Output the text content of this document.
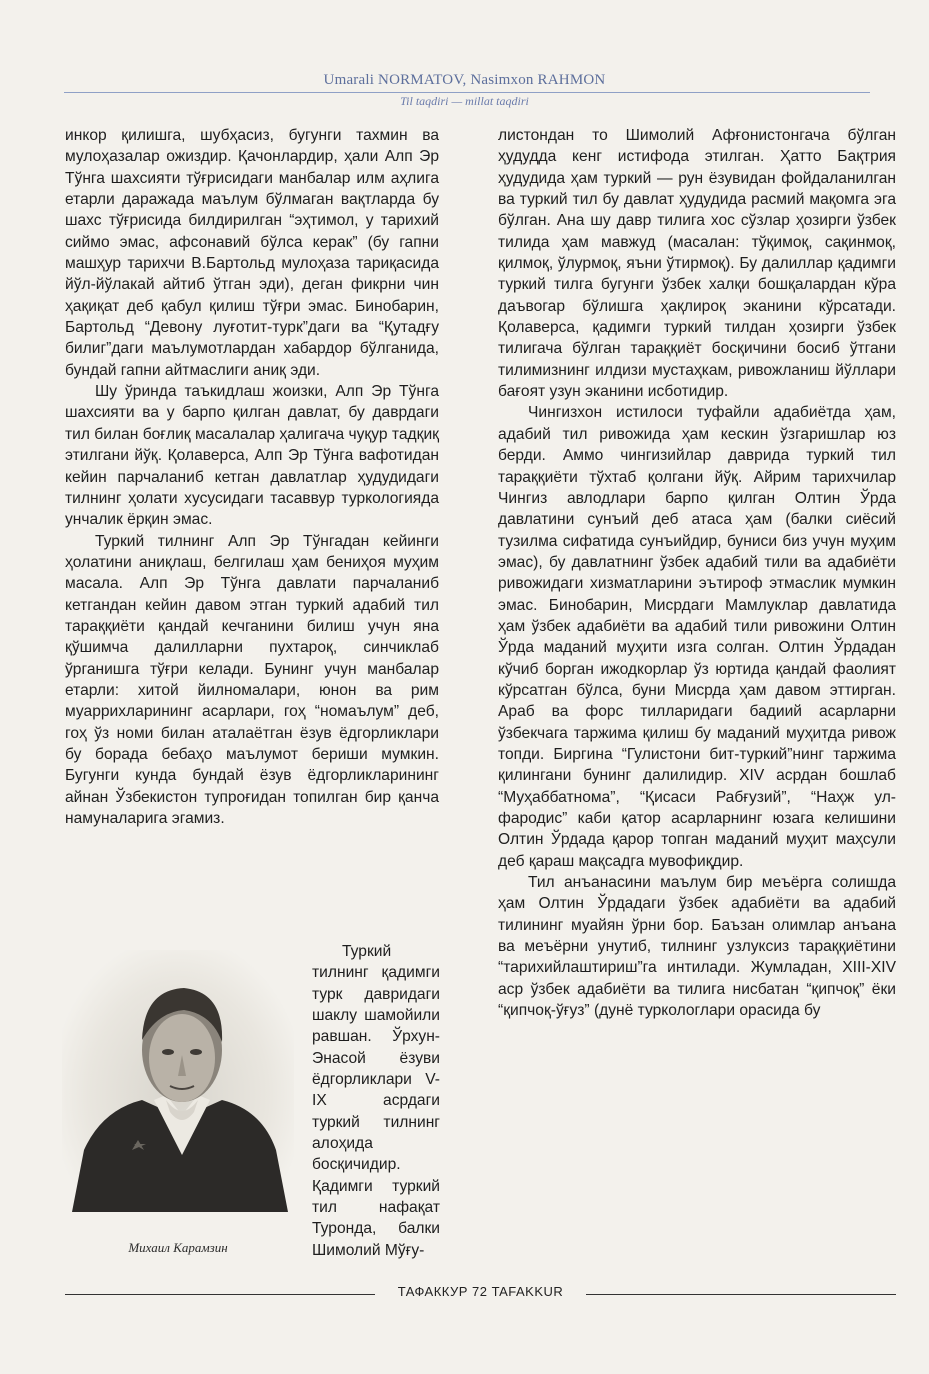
Umarali NORMATOV, Nasimxon RAHMON
Til taqdiri — millat taqdiri

инкор қилишга, шубҳасиз, бугунги тахмин ва мулоҳазалар ожиздир. Қачонлардир, ҳали Алп Эр Тўнга шахсияти тўғрисидаги манбалар илм аҳлига етарли даражада маълум бўлмаган вақтларда бу шахс тўғрисида билдирилган “эҳтимол, у тарихий сиймо эмас, афсонавий бўлса керак” (бу гапни машҳур тарихчи В.Бартольд мулоҳаза тариқасида йўл-йўлакай айтиб ўтган эди), деган фикрни чин ҳақиқат деб қабул қилиш тўғри эмас. Бинобарин, Бартольд “Девону луғотит-турк”даги ва “Қутадғу билиг”даги маълумотлардан хабардор бўлганида, бундай гапни айтмаслиги аниқ эди.

Шу ўринда таъкидлаш жоизки, Алп Эр Тўнга шахсияти ва у барпо қилган давлат, бу даврдаги тил билан боғлиқ масалалар ҳалигача чуқур тадқиқ этилгани йўқ. Қолаверса, Алп Эр Тўнга вафотидан кейин парчаланиб кетган давлатлар ҳудудидаги тилнинг ҳолати хусусидаги тасаввур туркологияда унчалик ёрқин эмас.

Туркий тилнинг Алп Эр Тўнгадан кейинги ҳолатини аниқлаш, белгилаш ҳам бениҳоя муҳим масала. Алп Эр Тўнга давлати парчаланиб кетгандан кейин давом этган туркий адабий тил тараққиёти қандай кечганини билиш учун яна қўшимча далилларни пухтароқ, синчиклаб ўрганишга тўғри келади. Бунинг учун манбалар етарли: хитой йилномалари, юнон ва рим муаррихларининг асарлари, гоҳ “номаълум” деб, гоҳ ўз номи билан аталаётган ёзув ёдгорликлари бу борада бебаҳо маълумот бериши мумкин. Бугунги кунда бундай ёзув ёдгорликларининг айнан Ўзбекистон тупроғидан топилган бир қанча намуналарига эгамиз.

Михаил Карамзин

Туркий тилнинг қадимги турк давридаги шаклу шамойили равшан. Ўрхун-Энасой ёзуви ёдгорликлари V-IX асрдаги туркий тилнинг алоҳида босқичидир. Қадимги туркий тил нафақат Туронда, балки Шимолий Мўғу-

листондан то Шимолий Афғонистонгача бўлган ҳудудда кенг истифода этилган. Ҳатто Бақтрия ҳудудида ҳам туркий — рун ёзувидан фойдаланилган ва туркий тил бу давлат ҳудудида расмий мақомга эга бўлган. Ана шу давр тилига хос сўзлар ҳозирги ўзбек тилида ҳам мавжуд (масалан: тўқимоқ, сақинмоқ, қилмоқ, ўлурмоқ, яъни ўтирмоқ). Бу далиллар қадимги туркий тилга бугунги ўзбек халқи бошқалардан кўра даъвогар бўлишга ҳақлироқ эканини кўрсатади. Қолаверса, қадимги туркий тилдан ҳозирги ўзбек тилигача бўлган тараққиёт босқичини босиб ўтгани тилимизнинг илдизи мустаҳкам, ривожланиш йўллари бағоят узун эканини исботидир.

Чингизхон истилоси туфайли адабиётда ҳам, адабий тил ривожида ҳам кескин ўзгаришлар юз берди. Аммо чингизийлар даврида туркий тил тараққиёти тўхтаб қолгани йўқ. Айрим тарихчилар Чингиз авлодлари барпо қилган Олтин Ўрда давлатини сунъий деб атаса ҳам (балки сиёсий тузилма сифатида сунъийдир, буниси биз учун муҳим эмас), бу давлатнинг ўзбек адабий тили ва адабиёти ривожидаги хизматларини эътироф этмаслик мумкин эмас. Бинобарин, Мисрдаги Мамлуклар давлатида ҳам ўзбек адабиёти ва адабий тили ривожини Олтин Ўрда маданий муҳити изга солган. Олтин Ўрдадан кўчиб борган ижодкорлар ўз юртида қандай фаолият кўрсатган бўлса, буни Мисрда ҳам давом эттирган. Араб ва форс тилларидаги бадиий асарларни ўзбекчага таржима қилиш бу маданий муҳитда ривож топди. Биргина “Гулистони бит-туркий”нинг таржима қилингани бунинг далилидир. XIV асрдан бошлаб “Муҳаббатнома”, “Қисаси Рабғузий”, “Наҳж ул-фародис” каби қатор асарларнинг юзага келишини Олтин Ўрдада қарор топган маданий муҳит маҳсули деб қараш мақсадга мувофиқдир.

Тил анъанасини маълум бир меъёрга солишда ҳам Олтин Ўрдадаги ўзбек адабиёти ва адабий тилининг муайян ўрни бор. Баъзан олимлар анъана ва меъёрни унутиб, тилнинг узлуксиз тараққиётини “тарихийлаштириш”га интилади. Жумладан, XIII-XIV аср ўзбек адабиёти ва тилига нисбатан “қипчоқ” ёки “қипчоқ-ўғуз” (дунё туркологлари орасида бу

ТАФАККУР 72 TAFAKKUR
